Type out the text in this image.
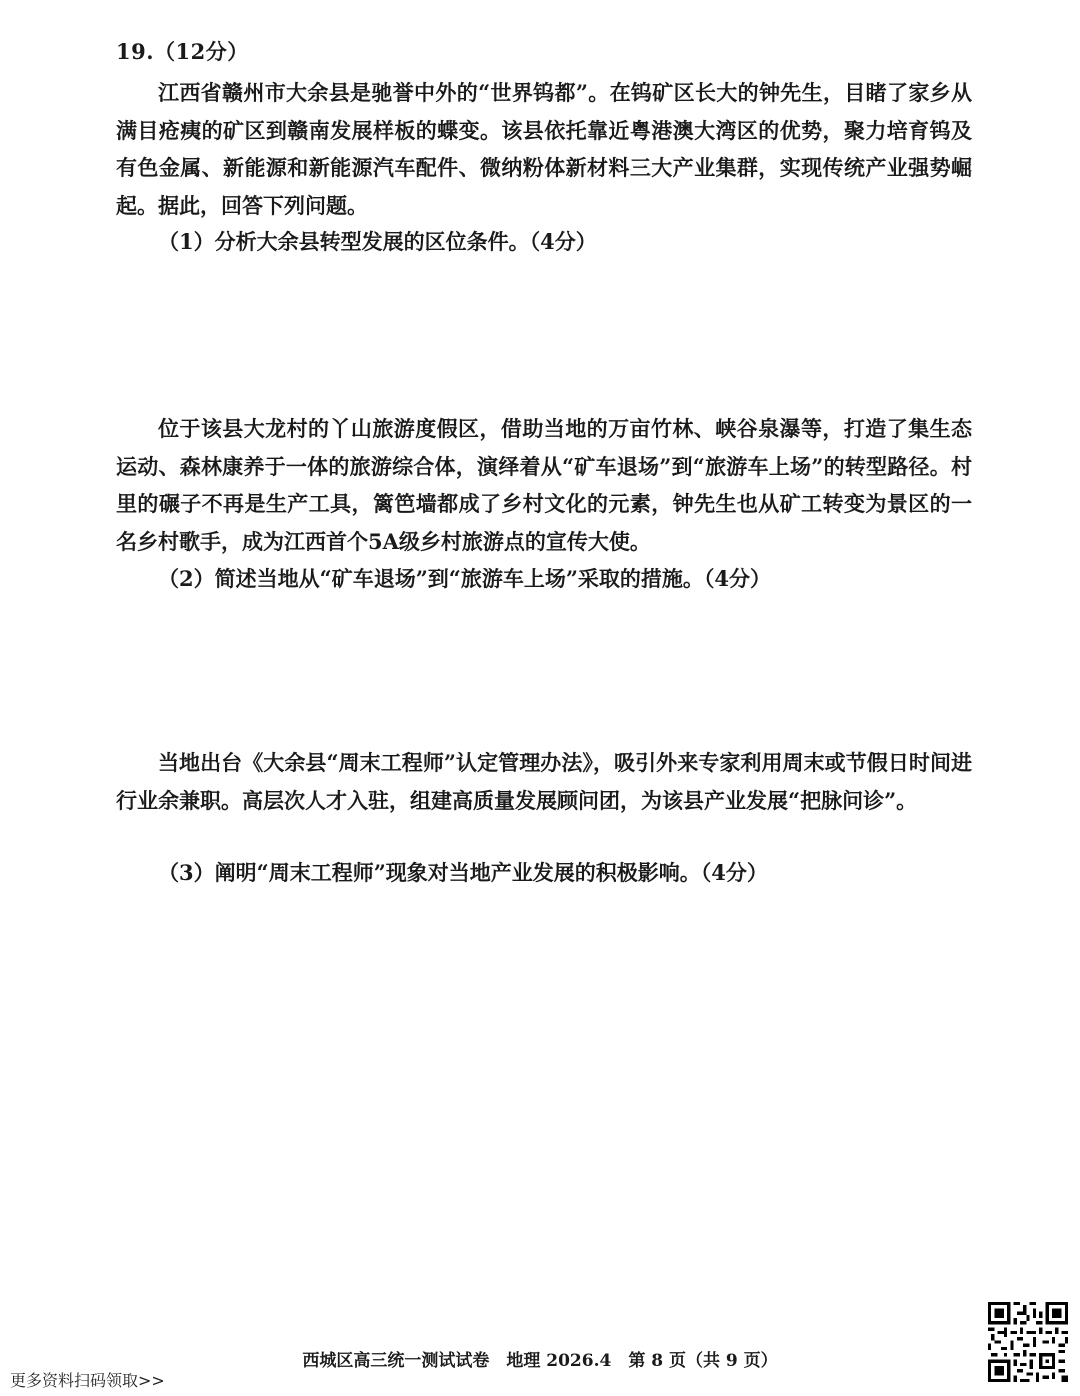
19.（12分）

江西省赣州市大余县是驰誉中外的“世界钨都”。在钨矿区长大的钟先生，目睹了家乡从满目疮痍的矿区到赣南发展样板的蝶变。该县依托靠近粤港澳大湾区的优势，聚力培育钨及有色金属、新能源和新能源汽车配件、微纳粉体新材料三大产业集群，实现传统产业强势崛起。据此，回答下列问题。

（1）分析大余县转型发展的区位条件。（4分）

位于该县大龙村的丫山旅游度假区，借助当地的万亩竹林、峡谷泉瀑等，打造了集生态运动、森林康养于一体的旅游综合体，演绎着从“矿车退场”到“旅游车上场”的转型路径。村里的碾子不再是生产工具，篱笆墙都成了乡村文化的元素，钟先生也从矿工转变为景区的一名乡村歌手，成为江西首个5A级乡村旅游点的宣传大使。

（2）简述当地从“矿车退场”到“旅游车上场”采取的措施。（4分）

当地出台《大余县“周末工程师”认定管理办法》，吸引外来专家利用周末或节假日时间进行业余兼职。高层次人才入驻，组建高质量发展顾问团，为该县产业发展“把脉问诊”。

（3）阐明“周末工程师”现象对当地产业发展的积极影响。（4分）

西城区高三统一测试试卷　地理 2026.4　第 8 页（共 9 页）
更多资料扫码领取>>
